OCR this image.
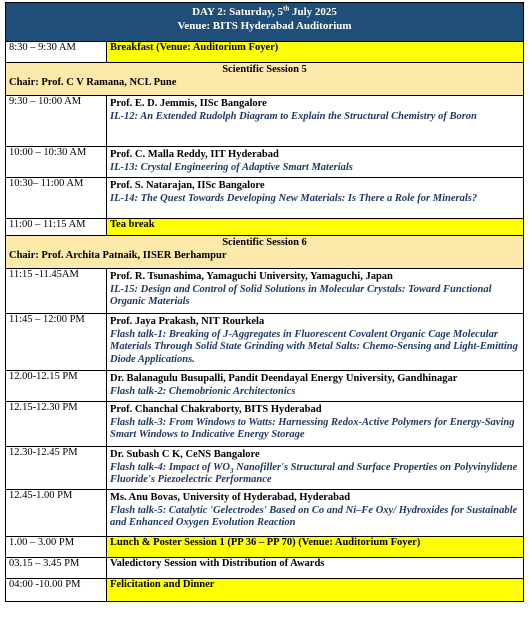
DAY 2: Saturday, 5th July 2025
Venue: BITS Hyderabad Auditorium	
8:30 – 9:30 AM	Breakfast (Venue: Auditorium Foyer)

Scientific Session 5
Chair: Prof. C V Ramana, NCL Pune	
9:30 – 10:00 AM	Prof. E. D. Jemmis, IISc Bangalore
IL-12: An Extended Rudolph Diagram to Explain the Structural Chemistry of Boron

10:00 – 10:30 AM	Prof. C. Malla Reddy, IIT Hyderabad
IL-13: Crystal Engineering of Adaptive Smart Materials

10:30– 11:00 AM	Prof. S. Natarajan, IISc Bangalore
IL-14: The Quest Towards Developing New Materials: Is There a Role for Minerals?

11:00 – 11:15 AM	Tea break

Scientific Session 6
Chair: Prof. Archita Patnaik, IISER Berhampur	
11:15 -11.45AM	Prof. R. Tsunashima, Yamaguchi University, Yamaguchi, Japan
IL-15: Design and Control of Solid Solutions in Molecular Crystals: Toward Functional Organic Materials

11:45 – 12:00 PM	Prof. Jaya Prakash, NIT Rourkela
Flash talk-1: Breaking of J-Aggregates in Fluorescent Covalent Organic Cage Molecular Materials Through Solid State Grinding with Metal Salts: Chemo-Sensing and Light-Emitting Diode Applications.

12.00-12.15 PM	Dr. Balanagulu Busupalli, Pandit Deendayal Energy University, Gandhinagar
Flash talk-2: Chemobrionic Architectonics

12.15-12.30 PM	Prof. Chanchal Chakraborty, BITS Hyderabad
Flash talk-3: From Windows to Watts: Harnessing Redox-Active Polymers for Energy-Saving Smart Windows to Indicative Energy Storage

12.30-12.45 PM	Dr. Subash C K, CeNS Bangalore
Flash talk-4: Impact of $WO_3$ Nanofiller's Structural and Surface Properties on Polyvinylidene Fluoride's Piezoelectric Performance

12.45-1.00 PM	Ms. Anu Bovas, University of Hyderabad, Hyderabad
Flash talk-5: Catalytic 'Gelectrodes' Based on Co and Ni–Fe Oxy/ Hydroxides for Sustainable and Enhanced Oxygen Evolution Reaction

1.00 – 3.00 PM	Lunch & Poster Session 1 (PP 36 – PP 70) (Venue: Auditorium Foyer)
03.15 – 3.45 PM	Valedictory Session with Distribution of Awards
04:00 -10.00 PM	Felicitation and Dinner
